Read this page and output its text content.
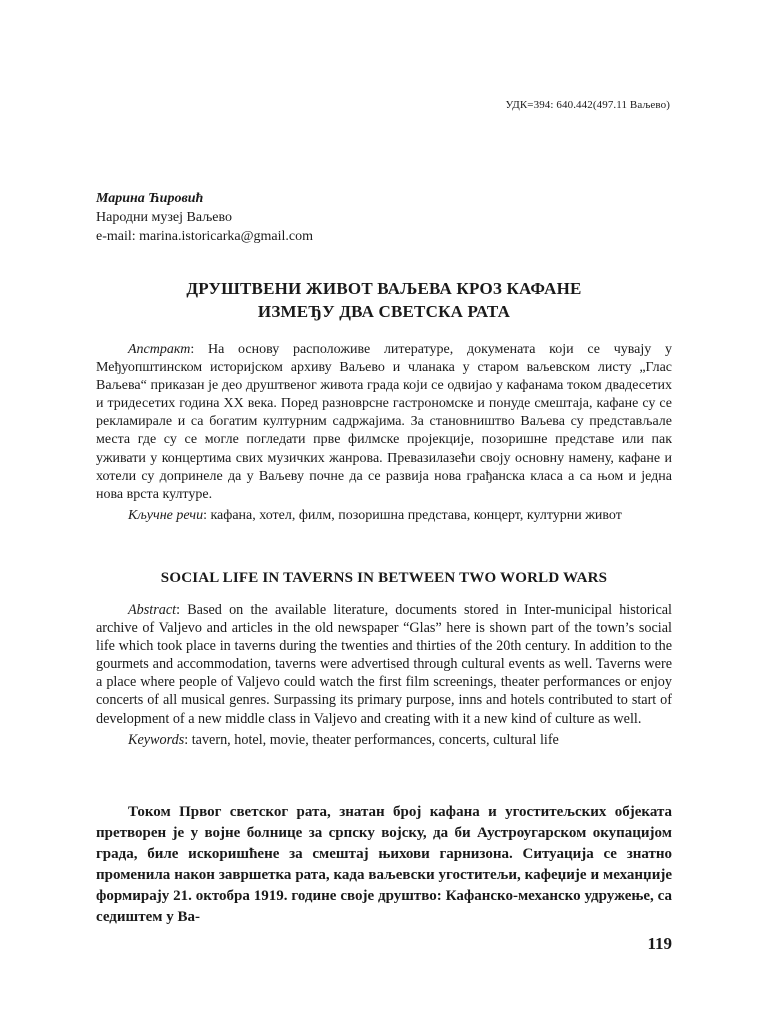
УДК=394: 640.442(497.11 Ваљево)
Марина Ћировић
Народни музеј Ваљево
e-mail: marina.istoricarka@gmail.com
ДРУШТВЕНИ ЖИВОТ ВАЉЕВА КРОЗ КАФАНЕ
ИЗМЕЂУ ДВА СВЕТСКА РАТА

Апстракт: На основу расположиве литературе, докумената који се чувају у Међуопштинском историјском архиву Ваљево и чланака у старом ваљевском листу „Глас Ваљева“ приказан је део друштвеног живота града који се одвијао у кафанама током двадесетих и тридесетих година XX века. Поред разноврсне гастрономске и понуде смештаја, кафане су се рекламирале и са богатим културним садржајима. За становништво Ваљева су представљале места где су се могле погледати прве филмске пројекције, позоришне представе или пак уживати у концертима свих музичких жанрова. Превазилазећи своју основну намену, кафане и хотели су допринеле да у Ваљеву почне да се развија нова грађанска класа а са њом и једна нова врста културе.

Кључне речи: кафана, хотел, филм, позоришна представа, концерт, културни живот

SOCIAL LIFE IN TAVERNS IN BETWEEN TWO WORLD WARS

Abstract: Based on the available literature, documents stored in Inter-municipal historical archive of Valjevo and articles in the old newspaper “Glas” here is shown part of the town’s social life which took place in taverns during the twenties and thirties of the 20th century. In addition to the gourmets and accommodation, taverns were advertised through cultural events as well. Taverns were a place where people of Valjevo could watch the first film screenings, theater performances or enjoy concerts of all musical genres. Surpassing its primary purpose, inns and hotels contributed to start of development of a new middle class in Valjevo and creating with it a new kind of culture as well.

Keywords: tavern, hotel, movie, theater performances, concerts, cultural life

Током Првог светског рата, знатан број кафана и угоститељских објеката претворен је у војне болнице за српску војску, да би Аустроугарском окупацијом града, биле искоришћене за смештај њихови гарнизона. Ситуација се знатно променила након завршетка рата, када ваљевски угоститељи, кафеџије и механџије формирају 21. октобра 1919. године своје друштво: Кафанско-механско удружење, са седиштем у Ва-

119
